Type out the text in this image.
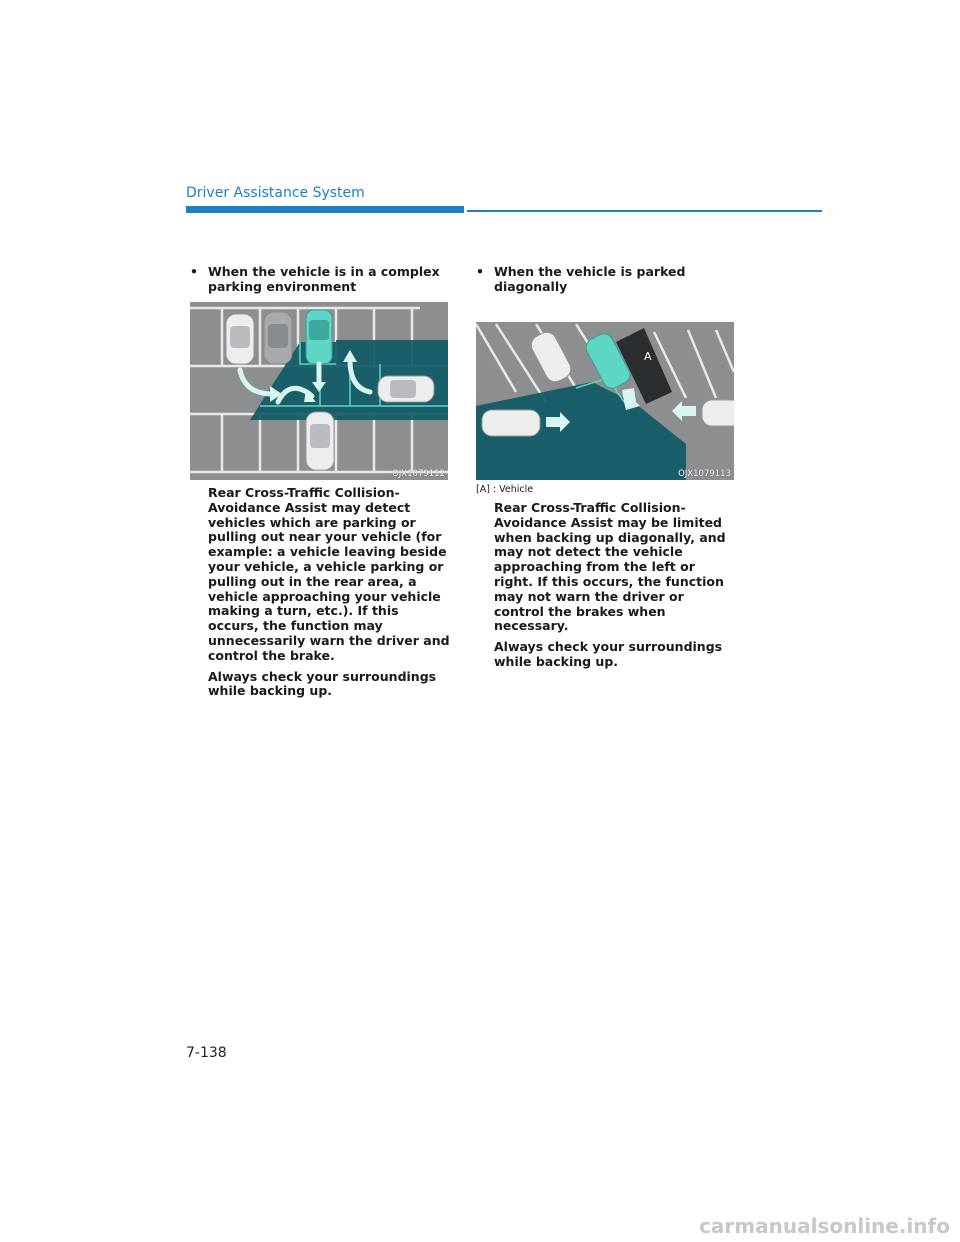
Driver Assistance System
• When the vehicle is in a complex parking environment
OJX1079112

Rear Cross-Traffic Collision-Avoidance Assist may detect vehicles which are parking or pulling out near your vehicle (for example: a vehicle leaving beside your vehicle, a vehicle parking or pulling out in the rear area, a vehicle approaching your vehicle making a turn, etc.). If this occurs, the function may unnecessarily warn the driver and control the brake.

Always check your surroundings while backing up.

• When the vehicle is parked diagonally
A
OJX1079113
[A] : Vehicle

Rear Cross-Traffic Collision-Avoidance Assist may be limited when backing up diagonally, and may not detect the vehicle approaching from the left or right. If this occurs, the function may not warn the driver or control the brakes when necessary.

Always check your surroundings while backing up.

7-138
carmanualsonline.info
